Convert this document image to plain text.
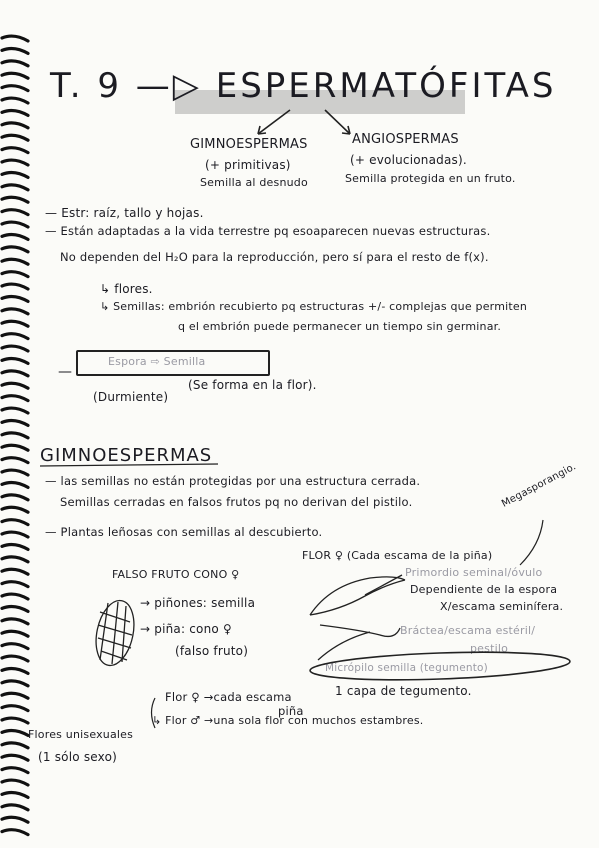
T. 9 —▷ ESPERMATÓFITAS
GIMNOESPERMAS
(+ primitivas)
Semilla al desnudo
ANGIOSPERMAS
(+ evolucionadas).
Semilla protegida en un fruto.
— Estr: raíz, tallo y hojas.
— Están adaptadas a la vida terrestre pq esoaparecen nuevas estructuras.
No dependen del H₂O para la reproducción, pero sí para el resto de f(x).
↳ flores.
↳ Semillas: embrión recubierto pq estructuras +/- complejas que permiten
q el embrión puede permanecer un tiempo sin germinar.
—
Espora ⇨ Semilla
(Durmiente)
(Se forma en la flor).
GIMNOESPERMAS
— las semillas no están protegidas por una estructura cerrada.
Semillas cerradas en falsos frutos pq no derivan del pistilo.
— Plantas leñosas con semillas al descubierto.
Megasporangio.
FALSO FRUTO CONO ♀
→ piñones: semilla
→ piña: cono ♀
(falso fruto)
FLOR ♀ (Cada escama de la piña)
Primordio seminal/óvulo
Dependiente de la espora
X/escama seminífera.
Bráctea/escama estéril/
pestilo
Micrópilo semilla (tegumento)
1 capa de tegumento.
Flor ♀ →cada escama
piña
Flores unisexuales
↳ Flor ♂ →una sola flor con muchos estambres.
(1 sólo sexo)
